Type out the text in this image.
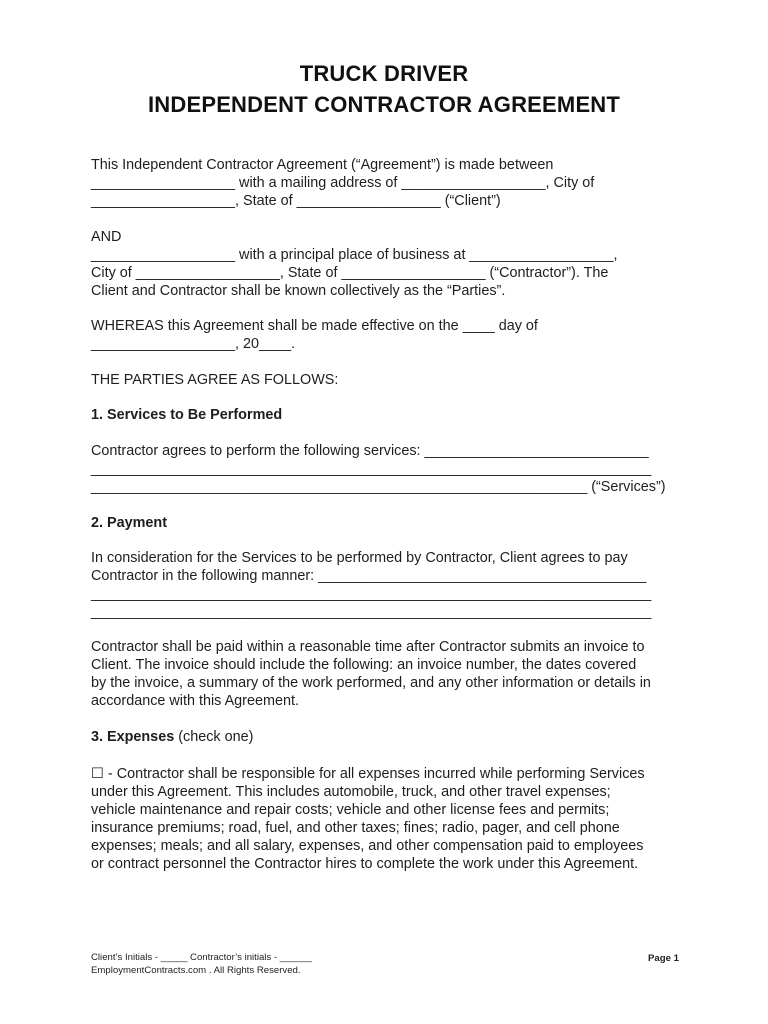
TRUCK DRIVER
INDEPENDENT CONTRACTOR AGREEMENT
This Independent Contractor Agreement (“Agreement”) is made between
__________________ with a mailing address of __________________, City of
__________________, State of __________________ (“Client”)
AND
__________________ with a principal place of business at __________________,
City of __________________, State of __________________ (“Contractor”). The
Client and Contractor shall be known collectively as the “Parties”.
WHEREAS this Agreement shall be made effective on the ____ day of
__________________, 20____.
THE PARTIES AGREE AS FOLLOWS:
1. Services to Be Performed
Contractor agrees to perform the following services: ____________________________
______________________________________________________________________
______________________________________________________________ (“Services”)
2. Payment
In consideration for the Services to be performed by Contractor, Client agrees to pay
Contractor in the following manner: _________________________________________
______________________________________________________________________
______________________________________________________________________
Contractor shall be paid within a reasonable time after Contractor submits an invoice to
Client. The invoice should include the following: an invoice number, the dates covered
by the invoice, a summary of the work performed, and any other information or details in
accordance with this Agreement.
3. Expenses (check one)
☐ - Contractor shall be responsible for all expenses incurred while performing Services
under this Agreement. This includes automobile, truck, and other travel expenses;
vehicle maintenance and repair costs; vehicle and other license fees and permits;
insurance premiums; road, fuel, and other taxes; fines; radio, pager, and cell phone
expenses; meals; and all salary, expenses, and other compensation paid to employees
or contract personnel the Contractor hires to complete the work under this Agreement.
Client’s Initials - _____ Contractor’s initials - ______
EmploymentContracts.com . All Rights Reserved.
Page 1
